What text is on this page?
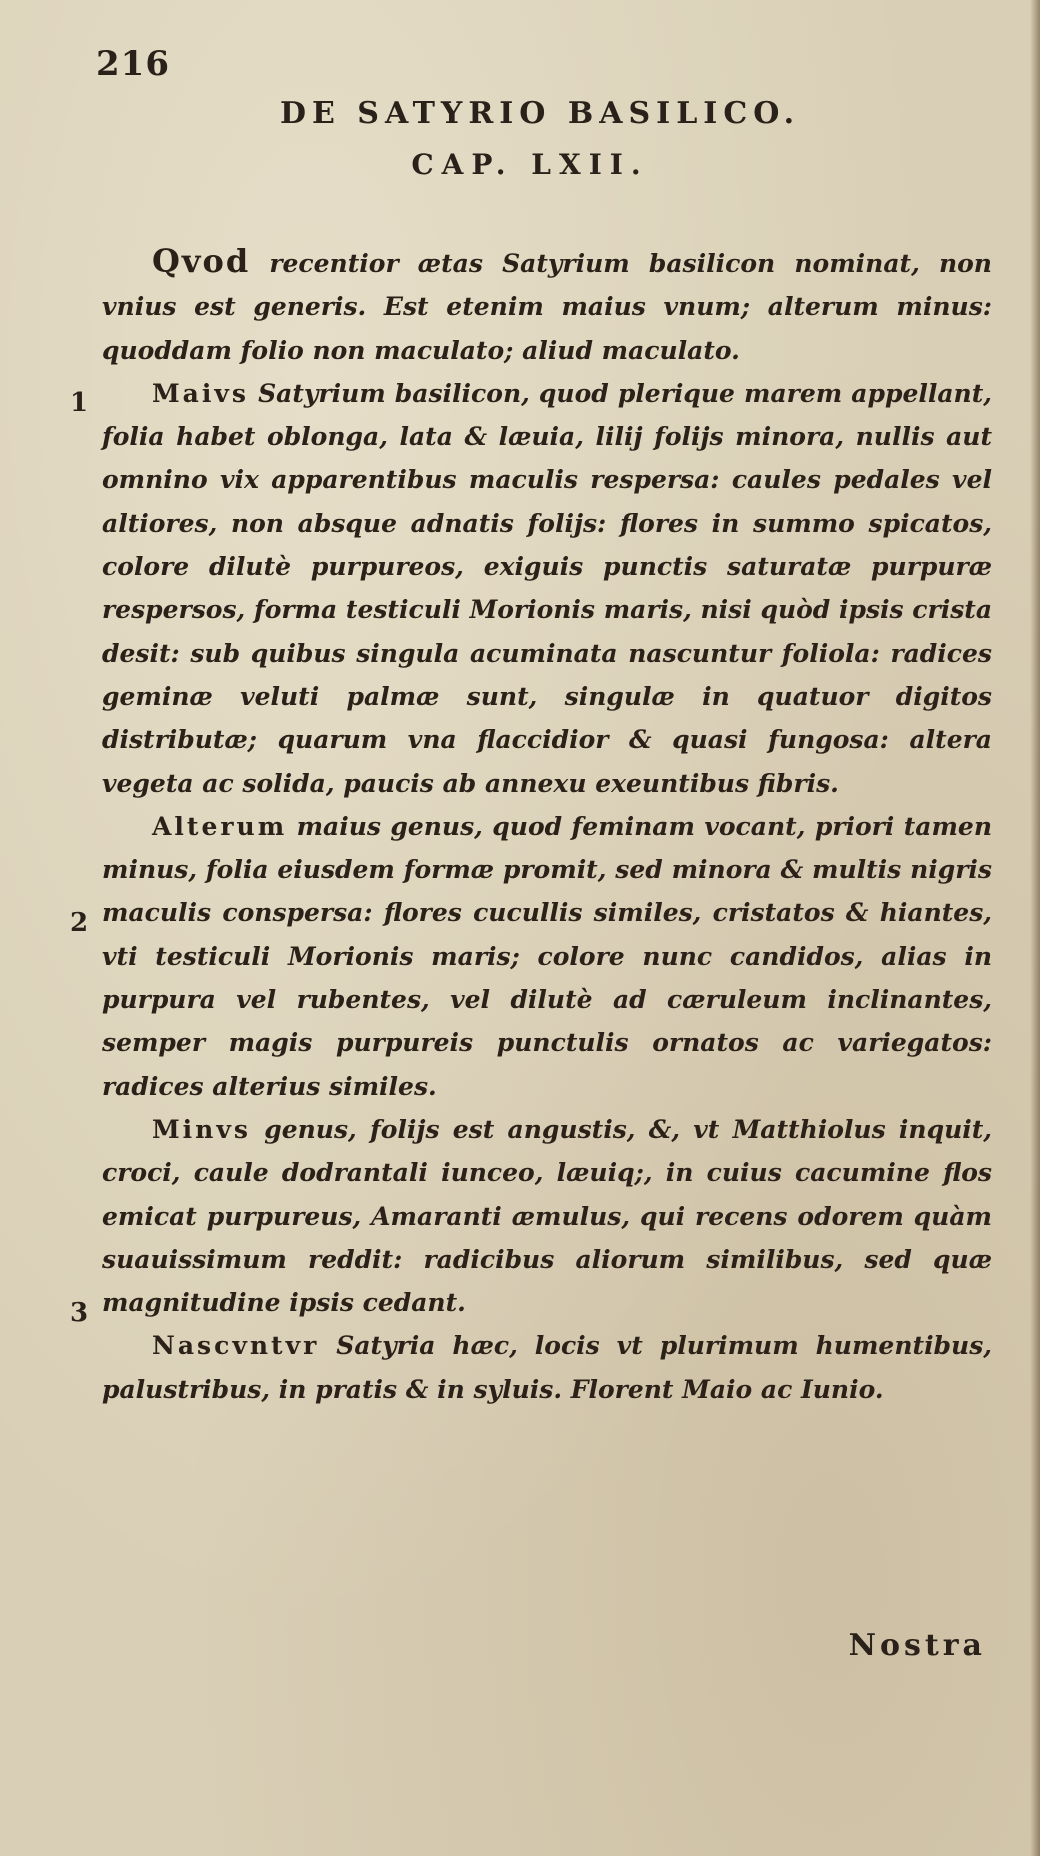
216
DE SATYRIO BASILICO.
CAP. LXII.
1
2
3

Qvod recentior ætas Satyrium basilicon nominat, non vnius est generis. Est etenim maius vnum; alterum minus: quoddam folio non maculato; aliud maculato.

Maivs Satyrium basilicon, quod plerique marem appellant, folia habet oblonga, lata & læuia, lilij folijs minora, nullis aut omnino vix apparentibus maculis respersa: caules pedales vel altiores, non absque adnatis folijs: flores in summo spicatos, colore dilutè purpureos, exiguis punctis saturatæ purpuræ respersos, forma testiculi Morionis maris, nisi quòd ipsis crista desit: sub quibus singula acuminata nascuntur foliola: radices geminæ veluti palmæ sunt, singulæ in quatuor digitos distributæ; quarum vna flaccidior & quasi fungosa: altera vegeta ac solida, paucis ab annexu exeuntibus fibris.

Alterum maius genus, quod feminam vocant, priori tamen minus, folia eiusdem formæ promit, sed minora & multis nigris maculis conspersa: flores cucullis similes, cristatos & hiantes, vti testiculi Morionis maris; colore nunc candidos, alias in purpura vel rubentes, vel dilutè ad cæruleum inclinantes, semper magis purpureis punctulis ornatos ac variegatos: radices alterius similes.

Minvs genus, folijs est angustis, &, vt Matthiolus inquit, croci, caule dodrantali iunceo, læuiq;, in cuius cacumine flos emicat purpureus, Amaranti æmulus, qui recens odorem quàm suauissimum reddit: radicibus aliorum similibus, sed quæ magnitudine ipsis cedant.

Nascvntvr Satyria hæc, locis vt plurimum humentibus, palustribus, in pratis & in syluis. Florent Maio ac Iunio.

Nostra
